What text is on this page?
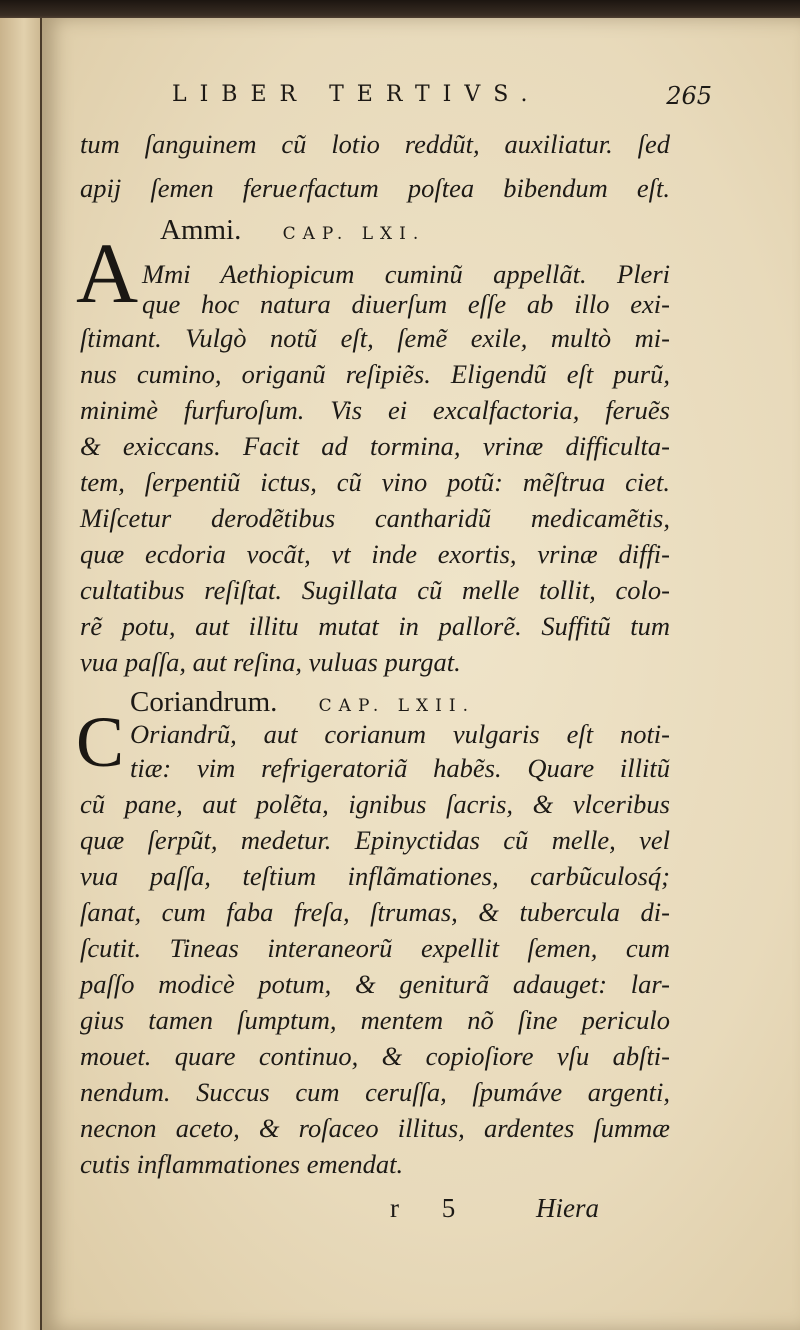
LIBER TERTIVS.	265
tum ſanguinem cũ lotio reddũt, auxiliatur. ſed
apij ſemen ferueɾfactum poſtea bibendum eſt.
Ammi. CAP. LXI.
A Mmi Aethiopicum cuminũ appellãt. Pleri
que hoc natura diuerſum eſſe ab illo exi-
ſtimant. Vulgò notũ eſt, ſemẽ exile, multò mi-
nus cumino, origanũ reſipiẽs. Eligendũ eſt purũ,
minimè furfuroſum. Vis ei excalfactoria, feruẽs
& exiccans. Facit ad tormina, vrinæ difficulta-
tem, ſerpentiũ ictus, cũ vino potũ: mẽſtrua ciet.
Miſcetur derodẽtibus cantharidũ medicamẽtis,
quæ ecdoria vocãt, vt inde exortis, vrinæ diffi-
cultatibus reſiſtat. Sugillata cũ melle tollit, colo-
rẽ potu, aut illitu mutat in pallorẽ. Suffitũ tum
vua paſſa, aut reſina, vuluas purgat.
Coriandrum. CAP. LXII.
C Oriandrũ, aut corianum vulgaris eſt noti-
tiæ: vim refrigeratoriã habẽs. Quare illitũ
cũ pane, aut polẽta, ignibus ſacris, & vlceribus
quæ ſerpũt, medetur. Epinyctidas cũ melle, vel
vua paſſa, teſtium inflãmationes, carbũculosq́;
ſanat, cum faba freſa, ſtrumas, & tubercula di-
ſcutit. Tineas interaneorũ expellit ſemen, cum
paſſo modicè potum, & geniturã adauget: lar-
gius tamen ſumptum, mentem nõ ſine periculo
mouet. quare continuo, & copioſiore vſu abſti-
nendum. Succus cum ceruſſa, ſpumáve argenti,
necnon aceto, & roſaceo illitus, ardentes ſummæ
cutis inflammationes emendat.
r 5 Hiera
